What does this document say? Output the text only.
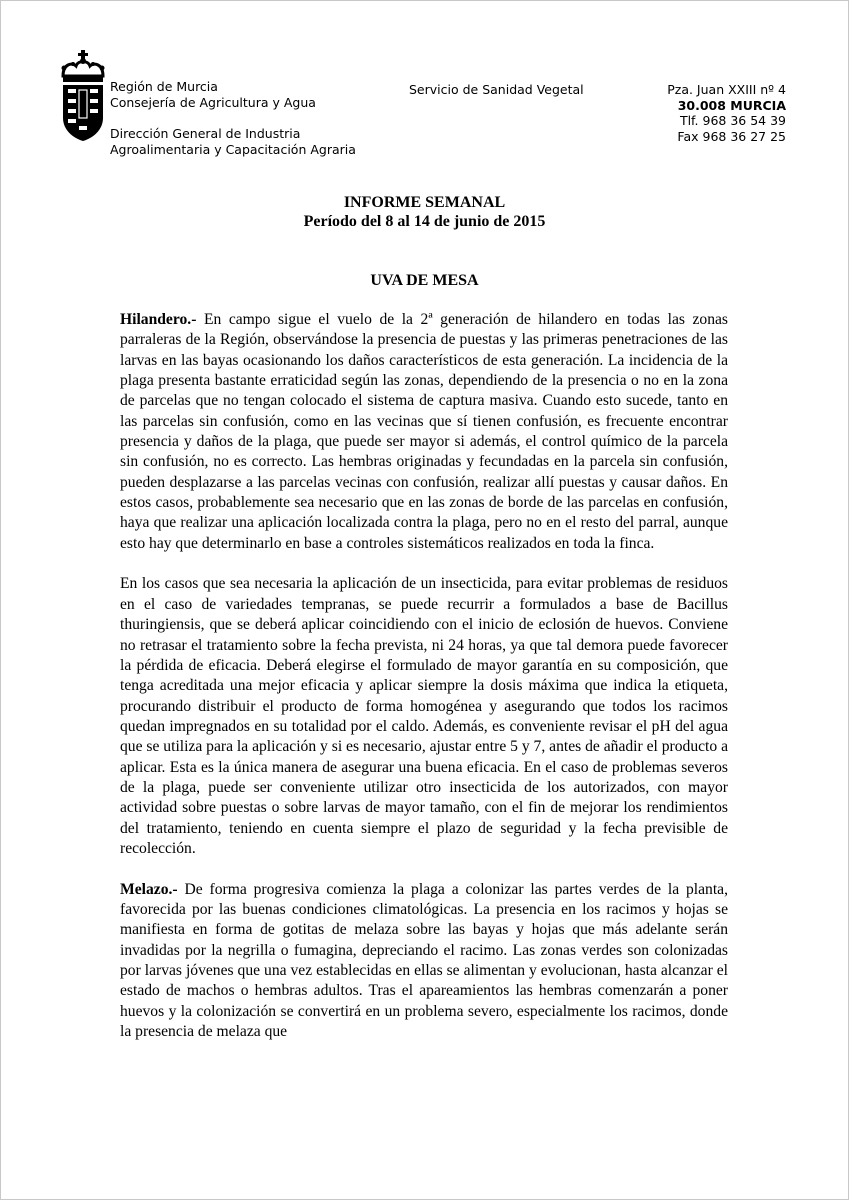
Región de Murcia
Consejería de Agricultura y Agua
Dirección General de Industria
Agroalimentaria y Capacitación Agraria
Servicio de Sanidad Vegetal	Pza. Juan XXIII nº 4
30.008 MURCIA
Tlf. 968 36 54 39
Fax 968 36 27 25
INFORME SEMANAL
Período del 8 al 14 de junio de 2015
UVA DE MESA

Hilandero.- En campo sigue el vuelo de la 2ª generación de hilandero en todas las zonas parraleras de la Región, observándose la presencia de puestas y las primeras penetraciones de las larvas en las bayas ocasionando los daños característicos de esta generación. La incidencia de la plaga presenta bastante erraticidad según las zonas, dependiendo de la presencia o no en la zona de parcelas que no tengan colocado el sistema de captura masiva. Cuando esto sucede, tanto en las parcelas sin confusión, como en las vecinas que sí tienen confusión, es frecuente encontrar presencia y daños de la plaga, que puede ser mayor si además, el control químico de la parcela sin confusión, no es correcto. Las hembras originadas y fecundadas en la parcela sin confusión, pueden desplazarse a las parcelas vecinas con confusión, realizar allí puestas y causar daños. En estos casos, probablemente sea necesario que en las zonas de borde de las parcelas en confusión, haya que realizar una aplicación localizada contra la plaga, pero no en el resto del parral, aunque esto hay que determinarlo en base a controles sistemáticos realizados en toda la finca.

En los casos que sea necesaria la aplicación de un insecticida, para evitar problemas de residuos en el caso de variedades tempranas, se puede recurrir a formulados a base de Bacillus thuringiensis, que se deberá aplicar coincidiendo con el inicio de eclosión de huevos. Conviene no retrasar el tratamiento sobre la fecha prevista, ni 24 horas, ya que tal demora puede favorecer la pérdida de eficacia. Deberá elegirse el formulado de mayor garantía en su composición, que tenga acreditada una mejor eficacia y aplicar siempre la dosis máxima que indica la etiqueta, procurando distribuir el producto de forma homogénea y asegurando que todos los racimos quedan impregnados en su totalidad por el caldo. Además, es conveniente revisar el pH del agua que se utiliza para la aplicación y si es necesario, ajustar entre 5 y 7, antes de añadir el producto a aplicar. Esta es la única manera de asegurar una buena eficacia. En el caso de problemas severos de la plaga, puede ser conveniente utilizar otro insecticida de los autorizados, con mayor actividad sobre puestas o sobre larvas de mayor tamaño, con el fin de mejorar los rendimientos del tratamiento, teniendo en cuenta siempre el plazo de seguridad y la fecha previsible de recolección.

Melazo.- De forma progresiva comienza la plaga a colonizar las partes verdes de la planta, favorecida por las buenas condiciones climatológicas. La presencia en los racimos y hojas se manifiesta en forma de gotitas de melaza sobre las bayas y hojas que más adelante serán invadidas por la negrilla o fumagina, depreciando el racimo. Las zonas verdes son colonizadas por larvas jóvenes que una vez establecidas en ellas se alimentan y evolucionan, hasta alcanzar el estado de machos o hembras adultos. Tras el apareamientos las hembras comenzarán a poner huevos y la colonización se convertirá en un problema severo, especialmente los racimos, donde la presencia de melaza que
